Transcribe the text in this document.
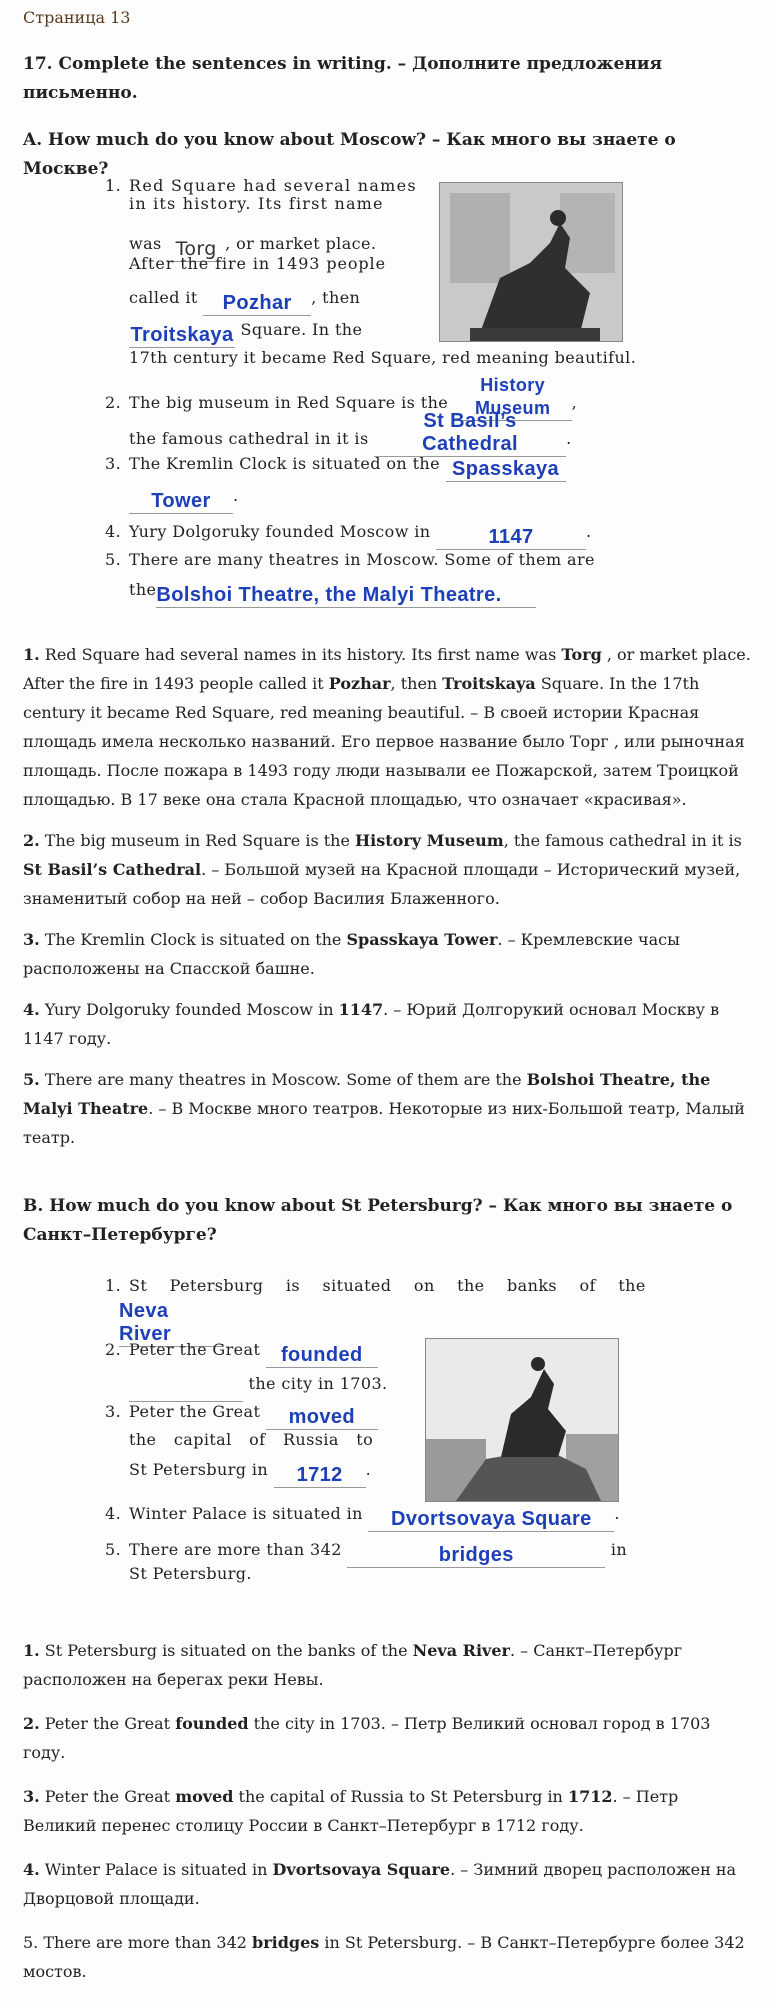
Страница 13
17. Complete the sentences in writing. – Дополните предложения письменно.
A. How much do you know about Moscow? – Как много вы знаете о Москве?
1. Red Square had several names
in its history. Its first name
was Torg , or market place.
After the fire in 1493 people
called it Pozhar , then
Troitskaya Square. In the
17th century it became Red Square, red meaning beautiful.
2. The big museum in Red Square is the History Museum ,
the famous cathedral in it is St Basil’s Cathedral	.
3. The Kremlin Clock is situated on the Spasskaya
Tower .
4. Yury Dolgoruky founded Moscow in	1147	.
5. There are many theatres in Moscow. Some of them are
theBolshoi Theatre, the Malyi Theatre.
1. Red Square had several names in its history. Its first name was Torg , or market place. After the fire in 1493 people called it Pozhar, then Troitskaya Square. In the 17th century it became Red Square, red meaning beautiful. – В своей истории Красная площадь имела несколько названий. Его первое название было Торг , или рыночная площадь. После пожара в 1493 году люди называли ее Пожарской, затем Троицкой площадью. В 17 веке она стала Красной площадью, что означает «красивая».
2. The big museum in Red Square is the History Museum, the famous cathedral in it is St Basil’s Cathedral. – Большой музей на Красной площади – Исторический музей, знаменитый собор на ней – собор Василия Блаженного.
3. The Kremlin Clock is situated on the Spasskaya Tower. – Кремлевские часы расположены на Спасской башне.
4. Yury Dolgoruky founded Moscow in 1147. – Юрий Долгорукий основал Москву в 1147 году.
5. There are many theatres in Moscow. Some of them are the Bolshoi Theatre, the Malyi Theatre. – В Москве много театров. Некоторые из них-Большой театр, Малый театр.
B. How much do you know about St Petersburg? – Как много вы знаете о Санкт–Петербурге?
1. St Petersburg is situated on the banks of the
Neva River
2. Peter the Great founded
the city in 1703.
3. Peter the Great moved
the capital of Russia to
St Petersburg in 1712 .
4. Winter Palace is situated in Dvortsovaya Square .
5. There are more than 342	bridges	in
St Petersburg.
1. St Petersburg is situated on the banks of the Neva River. – Санкт–Петербург расположен на берегах реки Невы.
2. Peter the Great founded the city in 1703. – Петр Великий основал город в 1703 году.
3. Peter the Great moved the capital of Russia to St Petersburg in 1712. – Петр Великий перенес столицу России в Санкт–Петербург в 1712 году.
4. Winter Palace is situated in Dvortsovaya Square. – Зимний дворец расположен на Дворцовой площади.
5. There are more than 342 bridges in St Petersburg. – В Санкт–Петербурге более 342 мостов.
